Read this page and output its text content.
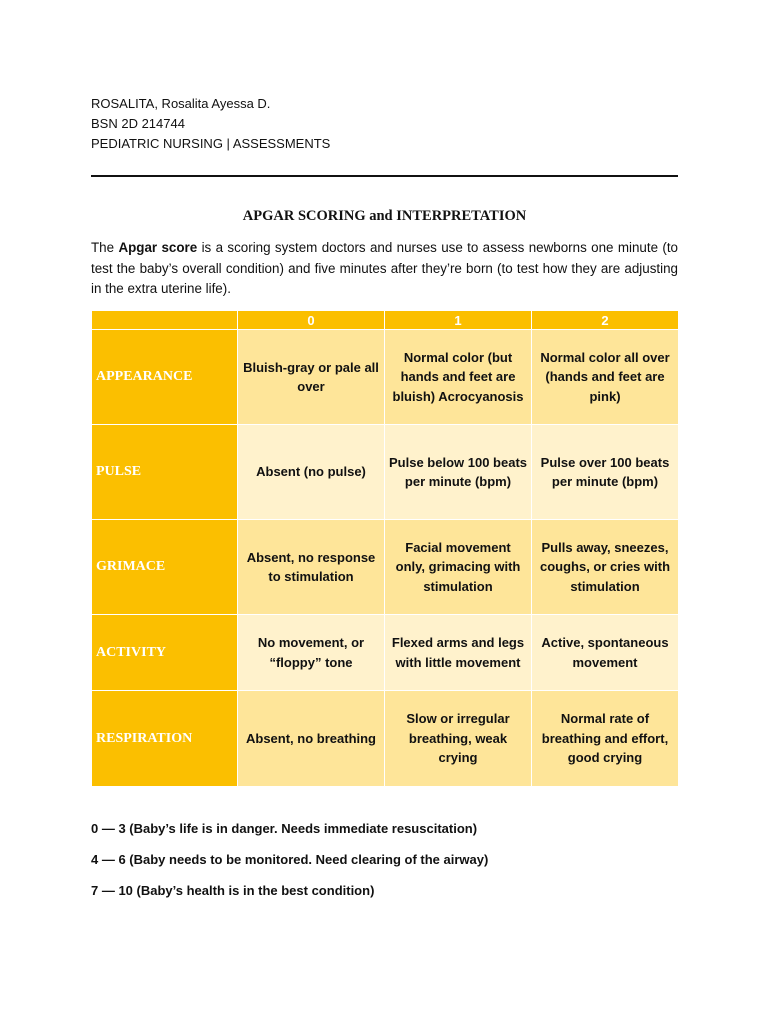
ROSALITA, Rosalita Ayessa D.
BSN 2D 214744
PEDIATRIC NURSING | ASSESSMENTS
APGAR SCORING and INTERPRETATION

The Apgar score is a scoring system doctors and nurses use to assess newborns one minute (to test the baby’s overall condition) and five minutes after they’re born (to test how they are adjusting in the extra uterine life).

	0	1	2
APPEARANCE	Bluish-gray or pale all over	Normal color (but hands and feet are bluish) Acrocyanosis	Normal color all over (hands and feet are pink)
PULSE	Absent (no pulse)	Pulse below 100 beats per minute (bpm)	Pulse over 100 beats per minute (bpm)
GRIMACE	Absent, no response to stimulation	Facial movement only, grimacing with stimulation	Pulls away, sneezes, coughs, or cries with stimulation
ACTIVITY	No movement, or “floppy” tone	Flexed arms and legs with little movement	Active, spontaneous movement
RESPIRATION	Absent, no breathing	Slow or irregular breathing, weak crying	Normal rate of breathing and effort, good crying
0 — 3 (Baby’s life is in danger. Needs immediate resuscitation)
4 — 6 (Baby needs to be monitored. Need clearing of the airway)
7 — 10 (Baby’s health is in the best condition)
